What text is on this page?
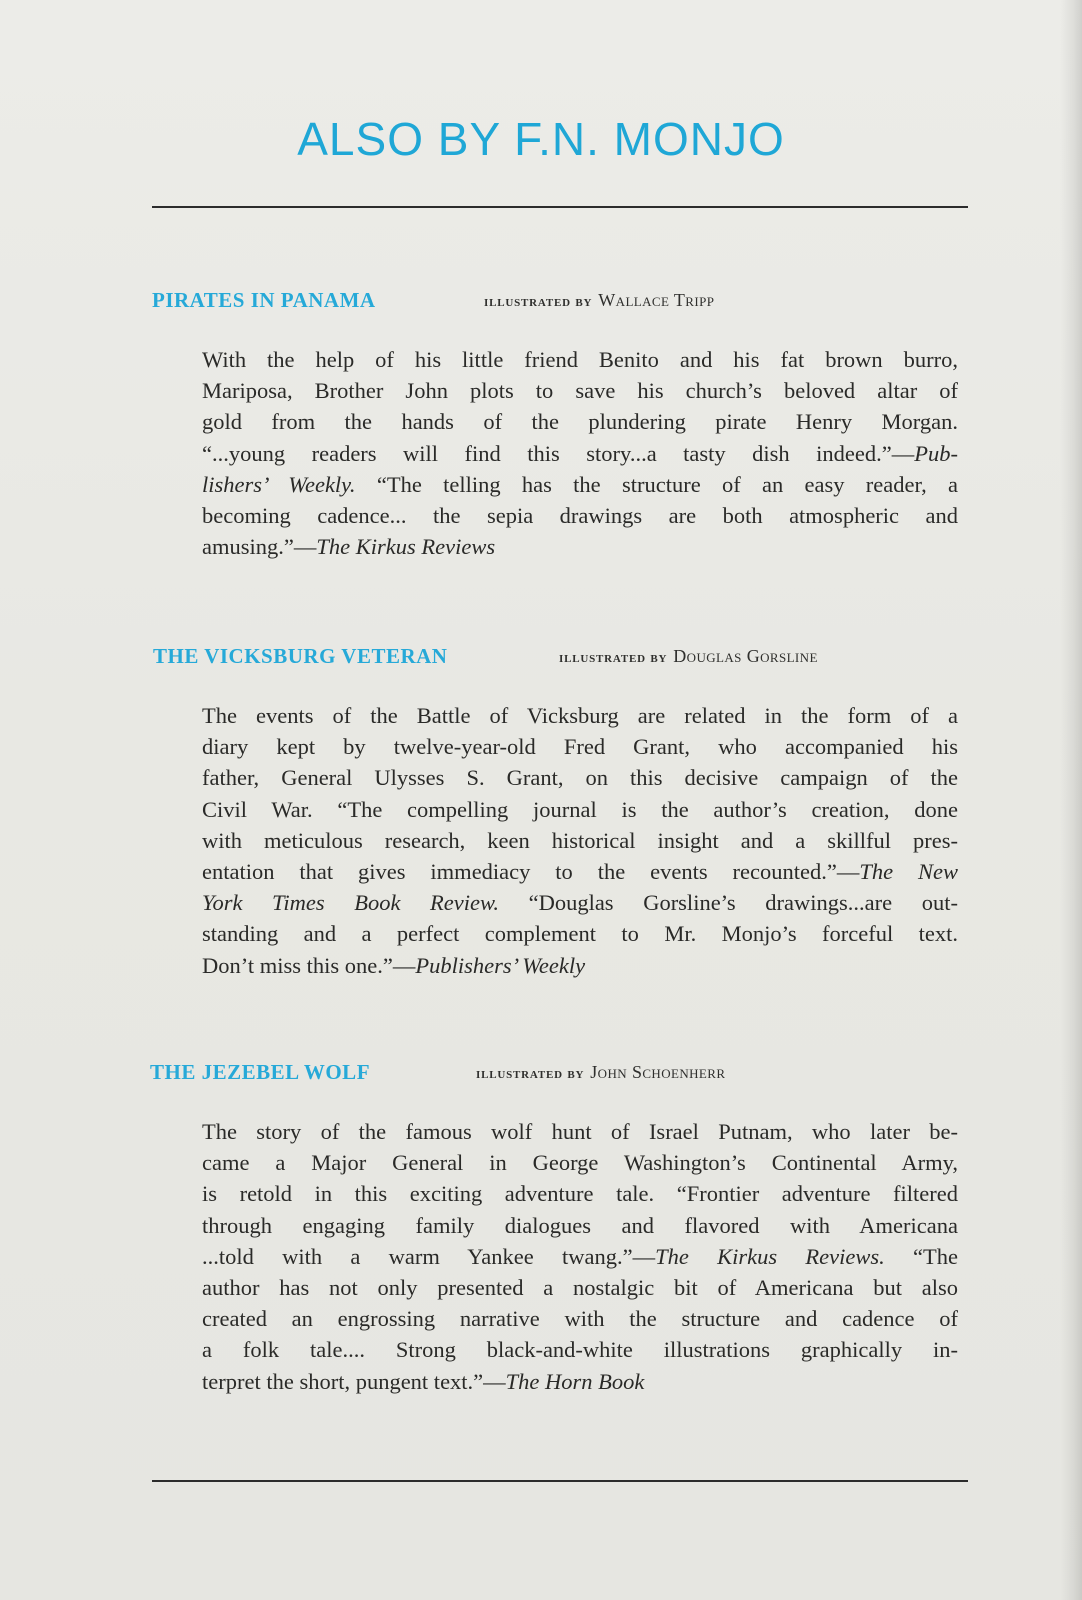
ALSO BY F.N. MONJO
PIRATES IN PANAMA	illustrated by Wallace Tripp

With the help of his little friend Benito and his fat brown burro,
Mariposa, Brother John plots to save his church’s beloved altar of
gold from the hands of the plundering pirate Henry Morgan.
“...young readers will find this story...a tasty dish indeed.”—Pub-
lishers’ Weekly. “The telling has the structure of an easy reader, a
becoming cadence... the sepia drawings are both atmospheric and
amusing.”—The Kirkus Reviews

THE VICKSBURG VETERAN	illustrated by Douglas Gorsline

The events of the Battle of Vicksburg are related in the form of a
diary kept by twelve-year-old Fred Grant, who accompanied his
father, General Ulysses S. Grant, on this decisive campaign of the
Civil War. “The compelling journal is the author’s creation, done
with meticulous research, keen historical insight and a skillful pres-
entation that gives immediacy to the events recounted.”—The New
York Times Book Review. “Douglas Gorsline’s drawings...are out-
standing and a perfect complement to Mr. Monjo’s forceful text.
Don’t miss this one.”—Publishers’ Weekly

THE JEZEBEL WOLF	illustrated by John Schoenherr

The story of the famous wolf hunt of Israel Putnam, who later be-
came a Major General in George Washington’s Continental Army,
is retold in this exciting adventure tale. “Frontier adventure filtered
through engaging family dialogues and flavored with Americana
...told with a warm Yankee twang.”—The Kirkus Reviews. “The
author has not only presented a nostalgic bit of Americana but also
created an engrossing narrative with the structure and cadence of
a folk tale.... Strong black-and-white illustrations graphically in-
terpret the short, pungent text.”—The Horn Book
